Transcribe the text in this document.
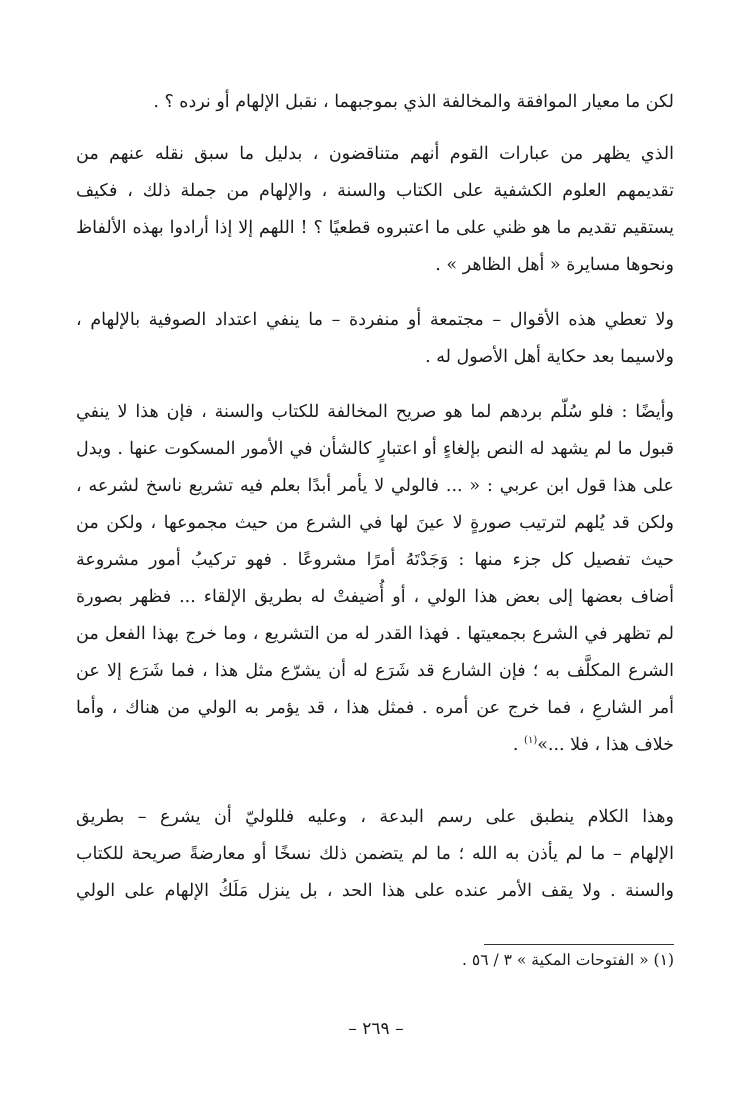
لكن ما معيار الموافقة والمخالفة الذي بموجبهما ، نقبل الإلهام أو نرده ؟ .
الذي يظهر من عبارات القوم أنهم متناقضون ، بدليل ما سبق نقله عنهم من
تقديمهم العلوم الكشفية على الكتاب والسنة ، والإلهام من جملة ذلك ، فكيف
يستقيم تقديم ما هو ظني على ما اعتبروه قطعيًا ؟ ! اللهم إلا إذا أرادوا بهذه الألفاظ
ونحوها مسايرة « أهل الظاهر » .
ولا تعطي هذه الأقوال – مجتمعة أو منفردة – ما ينفي اعتداد الصوفية بالإلهام ،
ولاسيما بعد حكاية أهل الأصول له .
وأيضًا : فلو سُلّم بردهم لما هو صريح المخالفة للكتاب والسنة ، فإن هذا لا ينفي
قبول ما لم يشهد له النص بإلغاءٍ أو اعتبارٍ كالشأن في الأمور المسكوت عنها . ويدل
على هذا قول ابن عربي : « ... فالولي لا يأمر أبدًا بعلم فيه تشريع ناسخ لشرعه ،
ولكن قد يُلهم لترتيب صورةٍ لا عينَ لها في الشرع من حيث مجموعها ، ولكن من
حيث تفصيل كل جزء منها : وَجَدْتَهُ أمرًا مشروعًا . فهو تركيبُ أمور مشروعة
أضاف بعضها إلى بعض هذا الولي ، أو أُضيفتْ له بطريق الإلقاء ... فظهر بصورة
لم تظهر في الشرع بجمعيتها . فهذا القدر له من التشريع ، وما خرج بهذا الفعل من
الشرع المكلَّف به ؛ فإن الشارع قد شَرَع له أن يشرّع مثل هذا ، فما شَرَع إلا عن
أمر الشارعِ ، فما خرج عن أمره . فمثل هذا ، قد يؤمر به الولي من هناك ، وأما
خلاف هذا ، فلا ...»$^{(١)}$ .
وهذا الكلام ينطبق على رسم البدعة ، وعليه فللوليّ أن يشرع – بطريق
الإلهام – ما لم يأذن به الله ؛ ما لم يتضمن ذلك نسخًا أو معارضةً صريحة للكتاب
والسنة . ولا يقف الأمر عنده على هذا الحد ، بل ينزل مَلَكُ الإلهام على الولي
(١) « الفتوحات المكية » ٣ / ٥٦ .
– ٢٦٩ –
